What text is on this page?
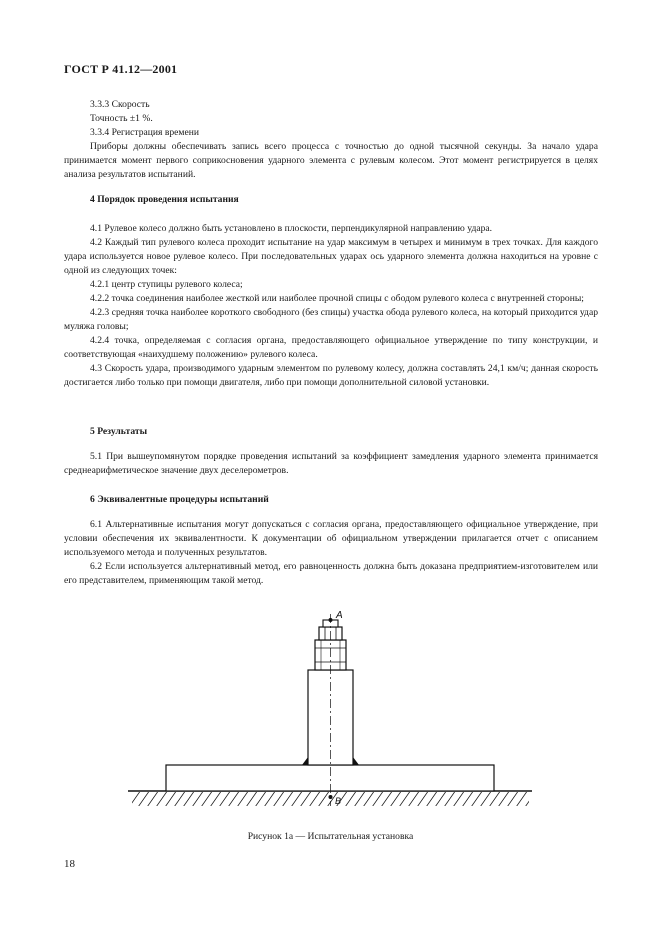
ГОСТ Р 41.12—2001

3.3.3 Скорость

Точность ±1 %.

3.3.4 Регистрация времени

Приборы должны обеспечивать запись всего процесса с точностью до одной тысячной секунды. За начало удара принимается момент первого соприкосновения ударного элемента с рулевым колесом. Этот момент регистрируется в целях анализа результатов испытаний.

4 Порядок проведения испытания

4.1 Рулевое колесо должно быть установлено в плоскости, перпендикулярной направлению удара.

4.2 Каждый тип рулевого колеса проходит испытание на удар максимум в четырех и минимум в трех точках. Для каждого удара используется новое рулевое колесо. При последовательных ударах ось ударного элемента должна находиться на уровне с одной из следующих точек:

4.2.1 центр ступицы рулевого колеса;

4.2.2 точка соединения наиболее жесткой или наиболее прочной спицы с ободом рулевого колеса с внутренней стороны;

4.2.3 средняя точка наиболее короткого свободного (без спицы) участка обода рулевого колеса, на который приходится удар муляжа головы;

4.2.4 точка, определяемая с согласия органа, предоставляющего официальное утверждение по типу конструкции, и соответствующая «наихудшему положению» рулевого колеса.

4.3 Скорость удара, производимого ударным элементом по рулевому колесу, должна составлять 24,1 км/ч; данная скорость достигается либо только при помощи двигателя, либо при помощи дополнительной силовой установки.

5 Результаты

5.1 При вышеупомянутом порядке проведения испытаний за коэффициент замедления ударного элемента принимается среднеарифметическое значение двух деселерометров.

6 Эквивалентные процедуры испытаний

6.1 Альтернативные испытания могут допускаться с согласия органа, предоставляющего официальное утверждение, при условии обеспечения их эквивалентности. К документации об официальном утверждении прилагается отчет с описанием используемого метода и полученных результатов.

6.2 Если используется альтернативный метод, его равноценность должна быть доказана предприятием-изготовителем или его представителем, применяющим такой метод.

A
B
Рисунок 1а — Испытательная установка
18
